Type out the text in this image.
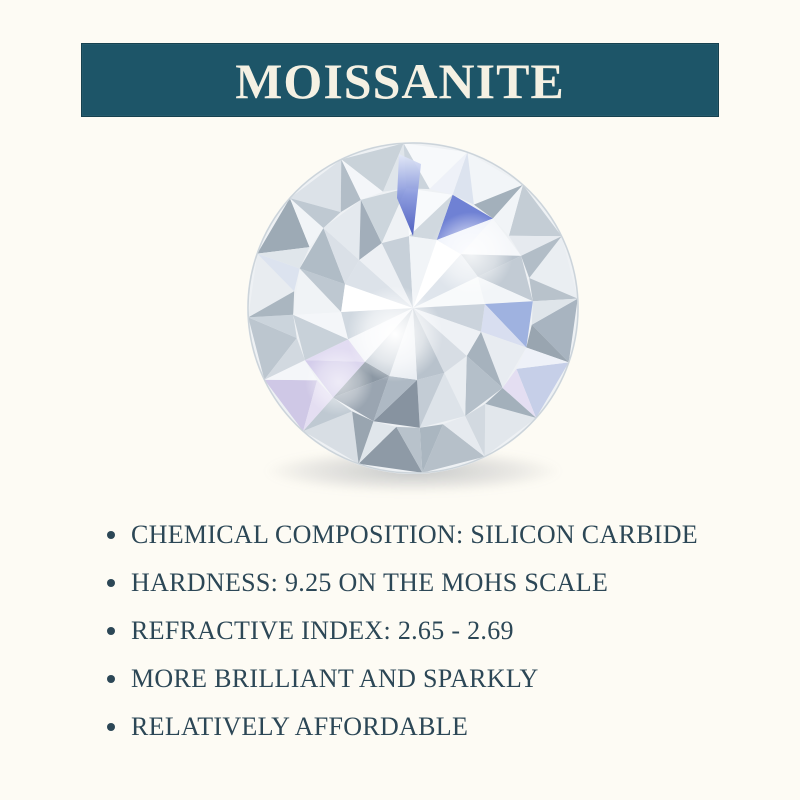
MOISSANITE
CHEMICAL COMPOSITION: SILICON CARBIDE
HARDNESS: 9.25 ON THE MOHS SCALE
REFRACTIVE INDEX: 2.65 - 2.69
MORE BRILLIANT AND SPARKLY
RELATIVELY AFFORDABLE
